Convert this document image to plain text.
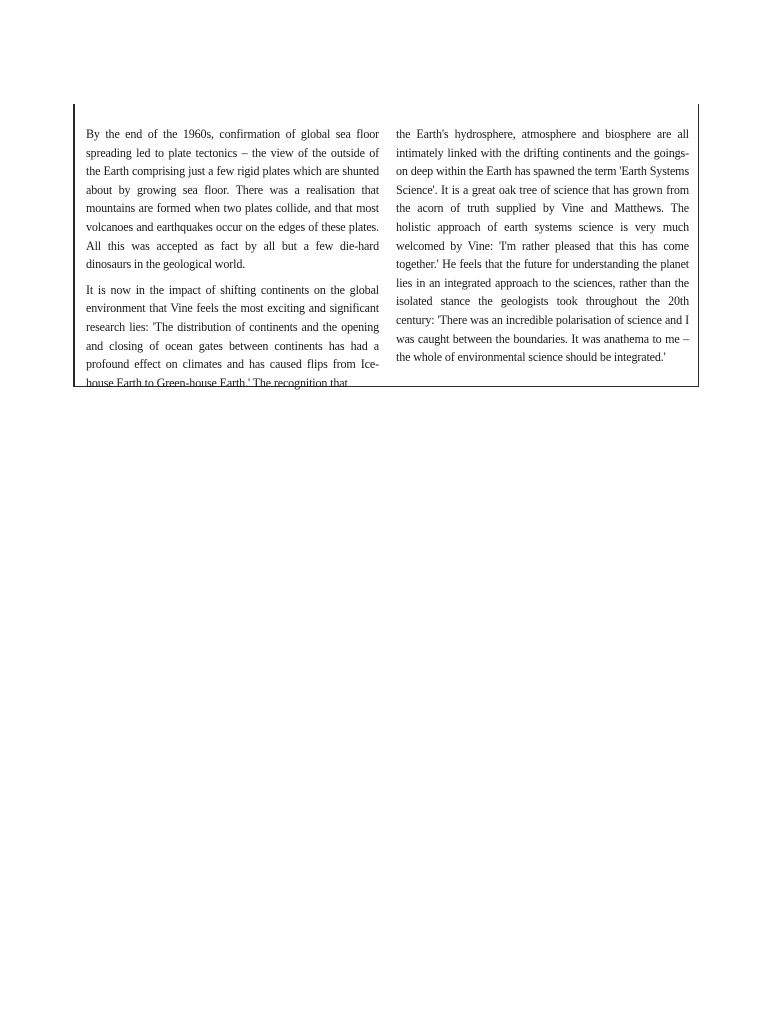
By the end of the 1960s, confirmation of global sea floor spreading led to plate tectonics – the view of the outside of the Earth comprising just a few rigid plates which are shunted about by growing sea floor. There was a realisation that mountains are formed when two plates collide, and that most volcanoes and earthquakes occur on the edges of these plates. All this was accepted as fact by all but a few die-hard dinosaurs in the geological world.

It is now in the impact of shifting continents on the global environment that Vine feels the most exciting and significant research lies: 'The distribution of continents and the opening and closing of ocean gates between continents has had a profound effect on climates and has caused flips from Ice-house Earth to Green-house Earth.' The recognition that

the Earth's hydrosphere, atmosphere and biosphere are all intimately linked with the drifting continents and the goings-on deep within the Earth has spawned the term 'Earth Systems Science'. It is a great oak tree of science that has grown from the acorn of truth supplied by Vine and Matthews. The holistic approach of earth systems science is very much welcomed by Vine: 'I'm rather pleased that this has come together.' He feels that the future for understanding the planet lies in an integrated approach to the sciences, rather than the isolated stance the geologists took throughout the 20th century: 'There was an incredible polarisation of science and I was caught between the boundaries. It was anathema to me – the whole of environmental science should be integrated.'
